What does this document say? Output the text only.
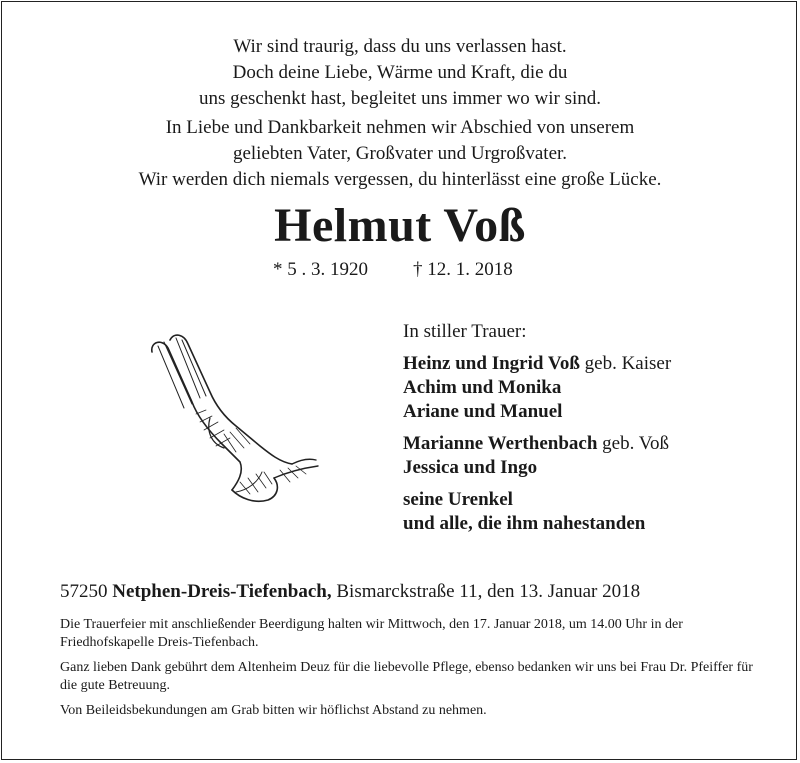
Wir sind traurig, dass du uns verlassen hast.
Doch deine Liebe, Wärme und Kraft, die du
uns geschenkt hast, begleitet uns immer wo wir sind.
In Liebe und Dankbarkeit nehmen wir Abschied von unserem
geliebten Vater, Großvater und Urgroßvater.
Wir werden dich niemals vergessen, du hinterlässt eine große Lücke.
Helmut Voß
* 5 . 3. 1920 † 12. 1. 2018
In stiller Trauer:
Heinz und Ingrid Voß geb. Kaiser
Achim und Monika
Ariane und Manuel
Marianne Werthenbach geb. Voß
Jessica und Ingo
seine Urenkel
und alle, die ihm nahestanden
57250 Netphen-Dreis-Tiefenbach, Bismarckstraße 11, den 13. Januar 2018

Die Trauerfeier mit anschließender Beerdigung halten wir Mittwoch, den 17. Januar 2018, um 14.00 Uhr in der Friedhofskapelle Dreis-Tiefenbach.

Ganz lieben Dank gebührt dem Altenheim Deuz für die liebevolle Pflege, ebenso bedanken wir uns bei Frau Dr. Pfeiffer für die gute Betreuung.

Von Beileidsbekundungen am Grab bitten wir höflichst Abstand zu nehmen.
